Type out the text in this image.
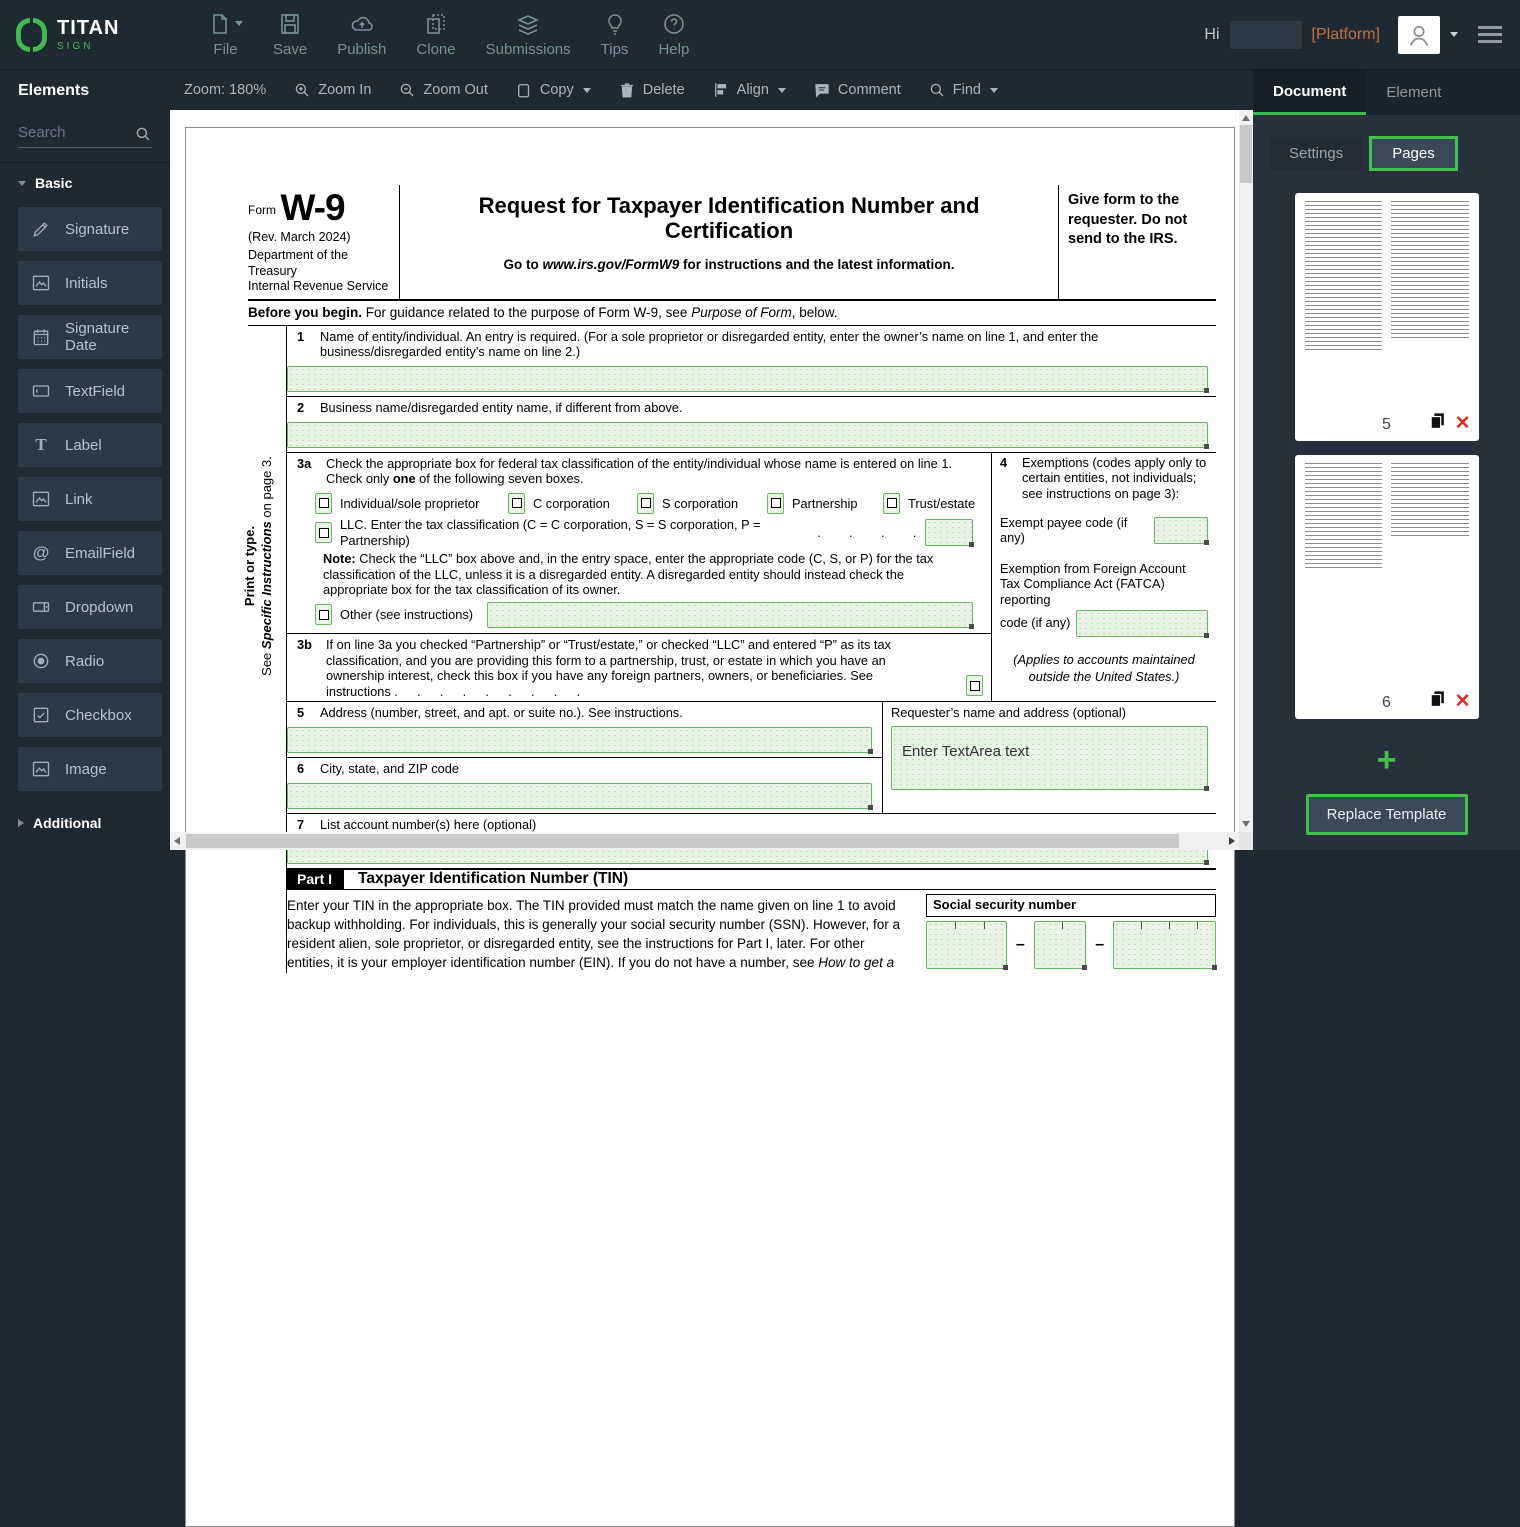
TITAN
SIGN	File Save Publish Clone Submissions Tips Help
Hi	[Platform]
Elements
Search
Basic
Signature
Initials
Signature Date
TextField
T Label
Link
@ EmailField
Dropdown
Radio
Checkbox
Image
Additional
Zoom: 180%	Zoom In	Zoom Out	Copy	Delete	Align	Comment	Find
$^{Form}$ W-9
(Rev. March 2024)
Department of the Treasury
Internal Revenue Service
Request for Taxpayer Identification Number and Certification
Go to www.irs.gov/FormW9 for instructions and the latest information.
Give form to the requester. Do not send to the IRS.
Before you begin. For guidance related to the purpose of Form W-9, see Purpose of Form, below.
Print or type.
See Specific Instructions on page 3.
1	Name of entity/individual. An entry is required. (For a sole proprietor or disregarded entity, enter the owner’s name on line 1, and enter the business/disregarded entity’s name on line 2.)
2	Business name/disregarded entity name, if different from above.
3a	Check the appropriate box for federal tax classification of the entity/individual whose name is entered on line 1. Check only one of the following seven boxes.
Individual/sole proprietor	C corporation	S corporation	Partnership	Trust/estate
LLC. Enter the tax classification (C = C corporation, S = S corporation, P = Partnership)
.      .      .      .
Note: Check the “LLC” box above and, in the entry space, enter the appropriate code (C, S, or P) for the tax classification of the LLC, unless it is a disregarded entity. A disregarded entity should instead check the appropriate box for the tax classification of its owner.
Other (see instructions)
3b	If on line 3a you checked “Partnership” or “Trust/estate,” or checked “LLC” and entered “P” as its tax classification, and you are providing this form to a partnership, trust, or estate in which you have an ownership interest, check this box if you have any foreign partners, owners, or beneficiaries. See instructions .    .    .    .    .    .    .    .    .
4	Exemptions (codes apply only to certain entities, not individuals; see instructions on page 3):
Exempt payee code (if any)
Exemption from Foreign Account Tax Compliance Act (FATCA) reporting
code (if any)
(Applies to accounts maintained outside the United States.)
5	Address (number, street, and apt. or suite no.). See instructions.
6	City, state, and ZIP code
Requester’s name and address (optional)
Enter TextArea text
7	List account number(s) here (optional)
Part I	Taxpayer Identification Number (TIN)
Enter your TIN in the appropriate box. The TIN provided must match the name given on line 1 to avoid backup withholding. For individuals, this is generally your social security number (SSN). However, for a resident alien, sole proprietor, or disregarded entity, see the instructions for Part I, later. For other entities, it is your employer identification number (EIN). If you do not have a number, see How to get a
Social security number
–	–
Document	Element
Settings	Pages
5	✕
6	✕
+
Replace Template
